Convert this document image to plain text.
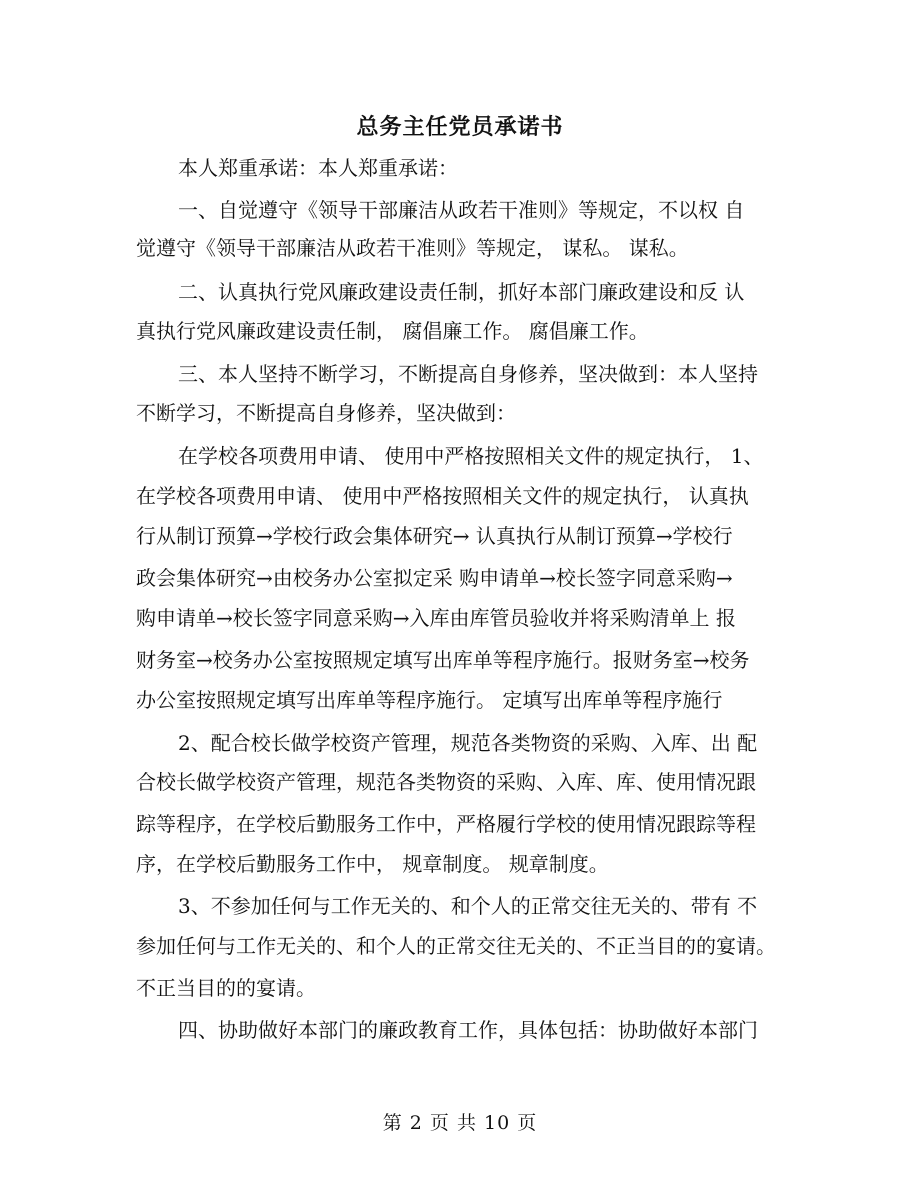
总务主任党员承诺书
本人郑重承诺：本人郑重承诺：
一、自觉遵守《领导干部廉洁从政若干准则》等规定，不以权 自
觉遵守《领导干部廉洁从政若干准则》等规定， 谋私。 谋私。
二、认真执行党风廉政建设责任制，抓好本部门廉政建设和反 认
真执行党风廉政建设责任制， 腐倡廉工作。 腐倡廉工作。
三、本人坚持不断学习，不断提高自身修养，坚决做到：本人坚持
不断学习，不断提高自身修养，坚决做到：
在学校各项费用申请、 使用中严格按照相关文件的规定执行， 1、
在学校各项费用申请、 使用中严格按照相关文件的规定执行， 认真执
行从制订预算→学校行政会集体研究→ 认真执行从制订预算→学校行
政会集体研究→由校务办公室拟定采 购申请单→校长签字同意采购→
购申请单→校长签字同意采购→入库由库管员验收并将采购清单上 报
财务室→校务办公室按照规定填写出库单等程序施行。报财务室→校务
办公室按照规定填写出库单等程序施行。 定填写出库单等程序施行
2、配合校长做学校资产管理，规范各类物资的采购、入库、出 配
合校长做学校资产管理，规范各类物资的采购、入库、库、使用情况跟
踪等程序，在学校后勤服务工作中，严格履行学校的使用情况跟踪等程
序，在学校后勤服务工作中， 规章制度。 规章制度。
3、不参加任何与工作无关的、和个人的正常交往无关的、带有 不
参加任何与工作无关的、和个人的正常交往无关的、不正当目的的宴请。
不正当目的的宴请。
四、协助做好本部门的廉政教育工作，具体包括：协助做好本部门
第 2 页 共 10 页
